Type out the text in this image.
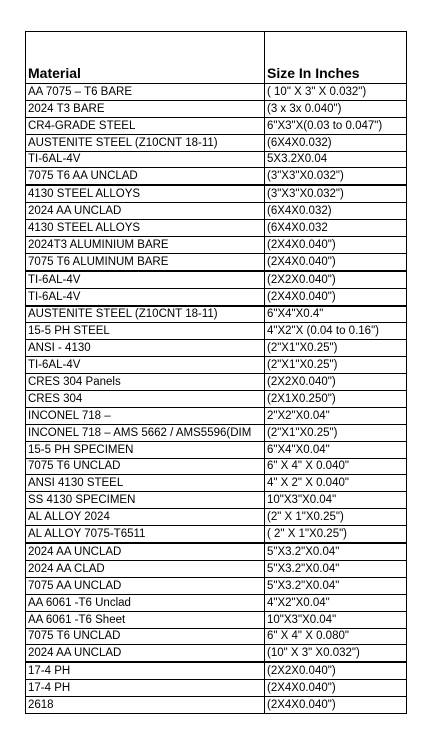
Material	Size In Inches
AA 7075 – T6 BARE	( 10" X 3" X 0.032")
2024 T3 BARE	(3 x 3x 0.040")
CR4-GRADE STEEL	6"X3"X(0.03 to 0.047")
AUSTENITE STEEL (Z10CNT 18-11)	(6X4X0.032)
TI-6AL-4V	5X3.2X0.04
7075 T6 AA UNCLAD	(3"X3"X0.032")
4130 STEEL ALLOYS	(3"X3"X0.032")
2024 AA UNCLAD	(6X4X0.032)
4130 STEEL ALLOYS	(6X4X0.032
2024T3 ALUMINIUM BARE	(2X4X0.040")
7075 T6 ALUMINUM BARE	(2X4X0.040")
TI-6AL-4V	(2X2X0.040")
TI-6AL-4V	(2X4X0.040")
AUSTENITE STEEL (Z10CNT 18-11)	6"X4"X0.4"
15-5 PH STEEL	4"X2"X (0.04 to 0.16")
ANSI - 4130	(2"X1"X0.25")
TI-6AL-4V	(2"X1"X0.25")
CRES 304 Panels	(2X2X0.040")
CRES 304	(2X1X0.250")
INCONEL 718 –	2"X2"X0.04"
INCONEL 718 – AMS 5662 / AMS5596(DIM	(2"X1"X0.25")
15-5 PH SPECIMEN	6"X4"X0.04"
7075 T6 UNCLAD	6" X 4" X 0.040"
ANSI 4130 STEEL	4" X 2" X 0.040"
SS 4130 SPECIMEN	10"X3"X0.04"
AL ALLOY 2024	(2" X 1"X0.25")
AL ALLOY 7075-T6511	( 2" X 1"X0.25")
2024 AA UNCLAD	5"X3.2"X0.04"
2024 AA CLAD	5"X3.2"X0.04"
7075 AA UNCLAD	5"X3.2"X0.04"
AA 6061 -T6 Unclad	4"X2"X0.04"
AA 6061 -T6 Sheet	10"X3"X0.04"
7075 T6 UNCLAD	6" X 4" X 0.080"
2024 AA UNCLAD	(10" X 3" X0.032")
17-4 PH	(2X2X0.040")
17-4 PH	(2X4X0.040")
2618	(2X4X0.040")
